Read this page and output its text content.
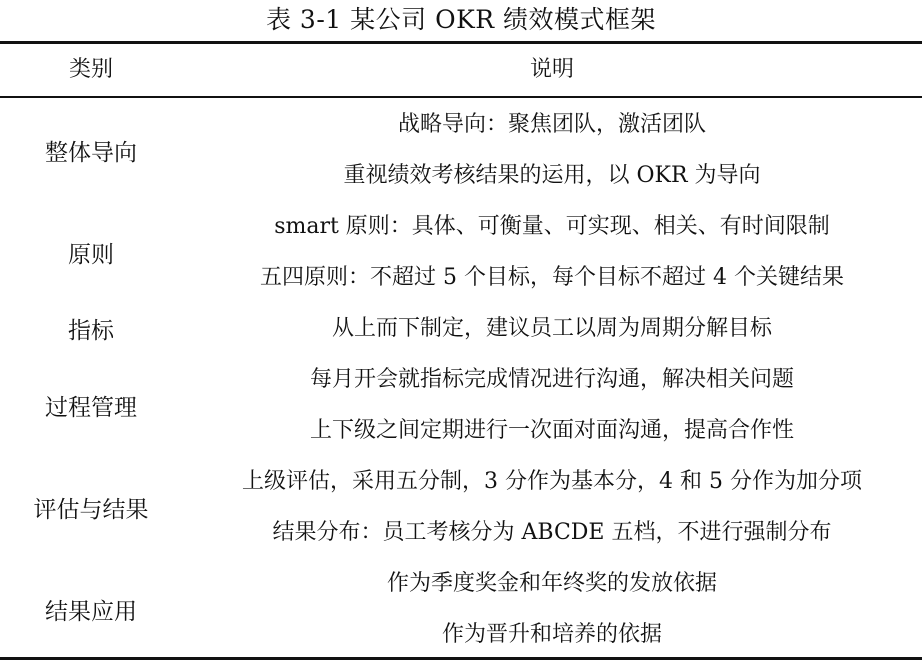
表 3-1 某公司 OKR 绩效模式框架
类别	说明
整体导向
战略导向：聚焦团队，激活团队
重视绩效考核结果的运用，以 OKR 为导向
原则
smart 原则：具体、可衡量、可实现、相关、有时间限制
五四原则：不超过 5 个目标，每个目标不超过 4 个关键结果
指标	从上而下制定，建议员工以周为周期分解目标
过程管理
每月开会就指标完成情况进行沟通，解决相关问题
上下级之间定期进行一次面对面沟通，提高合作性
评估与结果
上级评估，采用五分制，3 分作为基本分，4 和 5 分作为加分项
结果分布：员工考核分为 ABCDE 五档，不进行强制分布
结果应用
作为季度奖金和年终奖的发放依据
作为晋升和培养的依据
